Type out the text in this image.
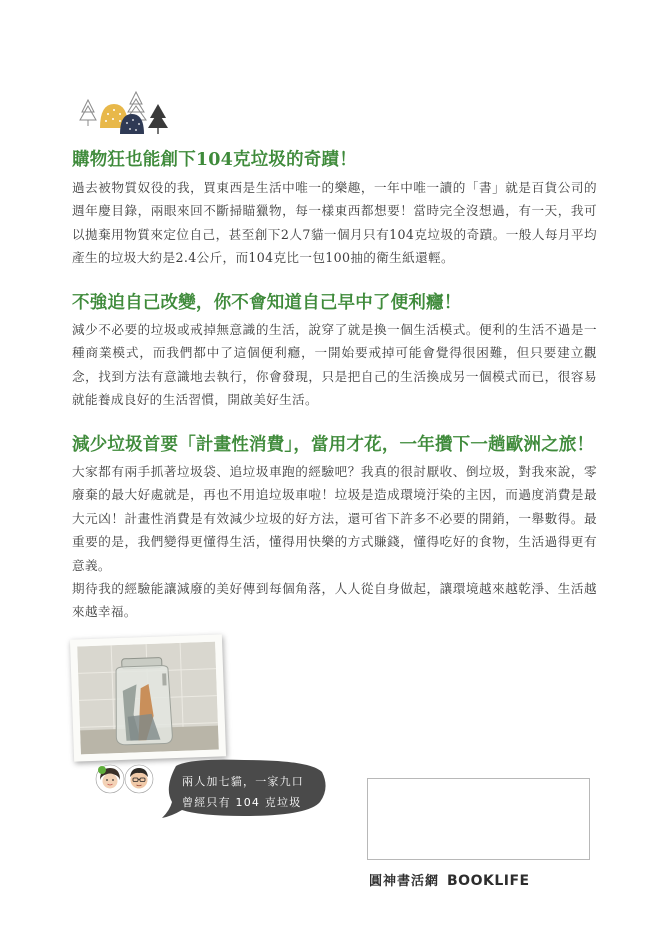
購物狂也能創下104克垃圾的奇蹟！

過去被物質奴役的我，買東西是生活中唯一的樂趣，一年中唯一讀的「書」就是百貨公司的週年慶目錄，兩眼來回不斷掃瞄獵物，每一樣東西都想要！當時完全沒想過，有一天，我可以拋棄用物質來定位自己，甚至創下2人7貓一個月只有104克垃圾的奇蹟。一般人每月平均產生的垃圾大約是2.4公斤，而104克比一包100抽的衛生紙還輕。

不強迫自己改變，你不會知道自己早中了便利癮！

減少不必要的垃圾或戒掉無意識的生活，說穿了就是換一個生活模式。便利的生活不過是一種商業模式，而我們都中了這個便利癮，一開始要戒掉可能會覺得很困難，但只要建立觀念，找到方法有意識地去執行，你會發現，只是把自己的生活換成另一個模式而已，很容易就能養成良好的生活習慣，開啟美好生活。

減少垃圾首要「計畫性消費」，當用才花，一年攢下一趟歐洲之旅！

大家都有兩手抓著垃圾袋、追垃圾車跑的經驗吧？我真的很討厭收、倒垃圾，對我來說，零廢棄的最大好處就是，再也不用追垃圾車啦！垃圾是造成環境汙染的主因，而過度消費是最大元凶！計畫性消費是有效減少垃圾的好方法，還可省下許多不必要的開銷，一舉數得。最重要的是，我們變得更懂得生活，懂得用快樂的方式賺錢，懂得吃好的食物，生活過得更有意義。

期待我的經驗能讓減廢的美好傳到每個角落，人人從自身做起，讓環境越來越乾淨、生活越來越幸福。

兩人加七貓，一家九口

曾經只有 104 克垃圾

圓神書活網 BOOKLIFE
